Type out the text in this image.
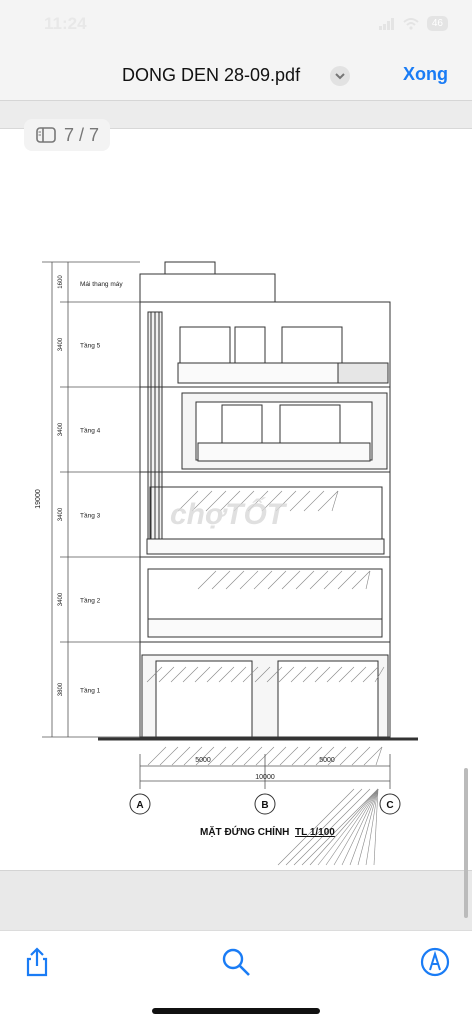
11:24	46
DONG DEN 28-09.pdf	Xong
19000
1600 Mái thang máy
3400 Tầng 5
3400 Tầng 4
3400 Tầng 3
3400 Tầng 2
3800 Tầng 1
5000	5000
10000
A	B	C
MẶT ĐỨNG CHÍNH TL 1/100
chợTỐT
7 / 7
